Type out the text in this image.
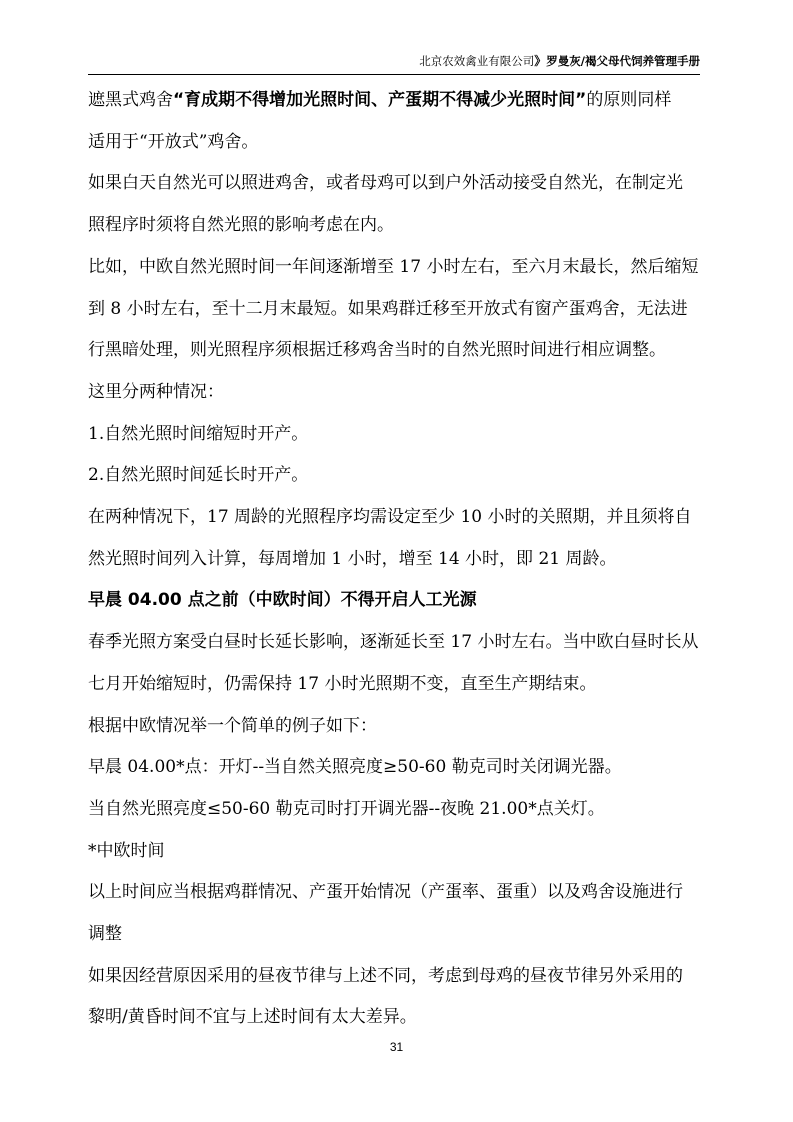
北京农效禽业有限公司》罗曼灰/褐父母代饲养管理手册

遮黑式鸡舍“育成期不得增加光照时间、产蛋期不得减少光照时间”的原则同样

适用于“开放式”鸡舍。

如果白天自然光可以照进鸡舍，或者母鸡可以到户外活动接受自然光，在制定光

照程序时须将自然光照的影响考虑在内。

比如，中欧自然光照时间一年间逐渐增至 17 小时左右，至六月末最长，然后缩短

到 8 小时左右，至十二月末最短。如果鸡群迁移至开放式有窗产蛋鸡舍，无法进

行黑暗处理，则光照程序须根据迁移鸡舍当时的自然光照时间进行相应调整。

这里分两种情况：

1.自然光照时间缩短时开产。

2.自然光照时间延长时开产。

在两种情况下，17 周龄的光照程序均需设定至少 10 小时的关照期，并且须将自

然光照时间列入计算，每周增加 1 小时，增至 14 小时，即 21 周龄。

早晨 04.00 点之前（中欧时间）不得开启人工光源

春季光照方案受白昼时长延长影响，逐渐延长至 17 小时左右。当中欧白昼时长从

七月开始缩短时，仍需保持 17 小时光照期不变，直至生产期结束。

根据中欧情况举一个简单的例子如下：

早晨 04.00*点：开灯--当自然关照亮度≥50-60 勒克司时关闭调光器。

当自然光照亮度≤50-60 勒克司时打开调光器--夜晚 21.00*点关灯。

*中欧时间

以上时间应当根据鸡群情况、产蛋开始情况（产蛋率、蛋重）以及鸡舍设施进行

调整

如果因经营原因采用的昼夜节律与上述不同，考虑到母鸡的昼夜节律另外采用的

黎明/黄昏时间不宜与上述时间有太大差异。

31
